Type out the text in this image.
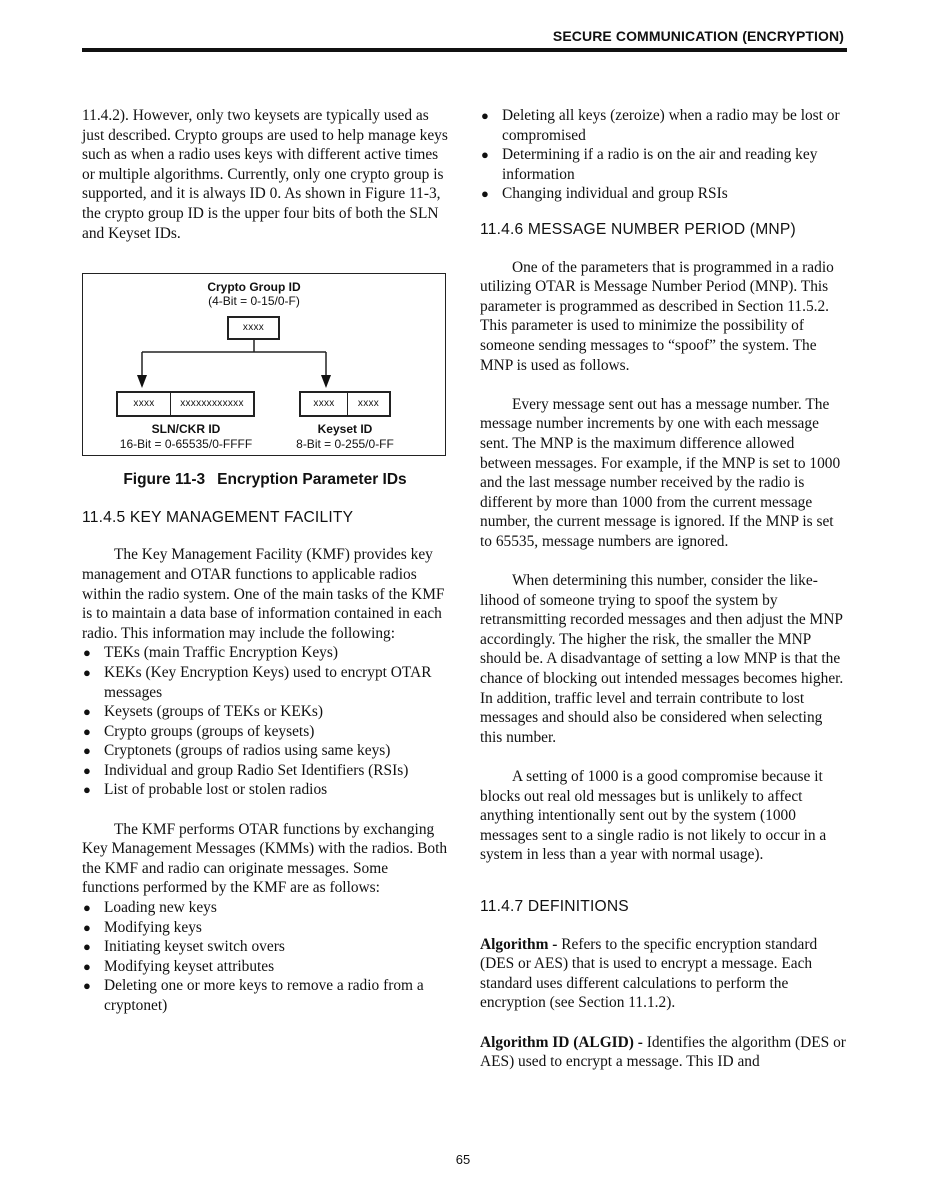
SECURE COMMUNICATION (ENCRYPTION)

11.4.2). However, only two keysets are typically used as just described. Crypto groups are used to help manage keys such as when a radio uses keys with different active times or multiple algorithms. Currently, only one crypto group is supported, and it is always ID 0. As shown in Figure 11-3, the crypto group ID is the upper four bits of both the SLN and Keyset IDs.

Crypto Group ID
(4-Bit = 0-15/0-F)
xxxx
xxxx	xxxxxxxxxxxx
SLN/CKR ID
16-Bit = 0-65535/0-FFFF
xxxx	xxxx
Keyset ID
8-Bit = 0-255/0-FF
Figure 11-3 Encryption Parameter IDs
11.4.5 KEY MANAGEMENT FACILITY

The Key Management Facility (KMF) provides key management and OTAR functions to applicable radios within the radio system. One of the main tasks of the KMF is to maintain a data base of information contained in each radio. This information may include the following:

● TEKs (main Traffic Encryption Keys)
● KEKs (Key Encryption Keys) used to encrypt OTAR messages
● Keysets (groups of TEKs or KEKs)
● Crypto groups (groups of keysets)
● Cryptonets (groups of radios using same keys)
● Individual and group Radio Set Identifiers (RSIs)
● List of probable lost or stolen radios

The KMF performs OTAR functions by exchanging Key Management Messages (KMMs) with the radios. Both the KMF and radio can originate messages. Some functions performed by the KMF are as follows:

● Loading new keys
● Modifying keys
● Initiating keyset switch overs
● Modifying keyset attributes
● Deleting one or more keys to remove a radio from a cryptonet)
● Deleting all keys (zeroize) when a radio may be lost or compromised
● Determining if a radio is on the air and reading key information
● Changing individual and group RSIs
11.4.6 MESSAGE NUMBER PERIOD (MNP)

One of the parameters that is programmed in a radio utilizing OTAR is Message Number Period (MNP). This parameter is programmed as described in Section 11.5.2. This parameter is used to minimize the possibility of someone sending messages to “spoof” the system. The MNP is used as follows.

Every message sent out has a message number. The message number increments by one with each message sent. The MNP is the maximum difference allowed between messages. For example, if the MNP is set to 1000 and the last message number received by the radio is different by more than 1000 from the current message number, the current message is ignored. If the MNP is set to 65535, message numbers are ignored.

When determining this number, consider the likelihood of someone trying to spoof the system by retransmitting recorded messages and then adjust the MNP accordingly. The higher the risk, the smaller the MNP should be. A disadvantage of setting a low MNP is that the chance of blocking out intended messages becomes higher. In addition, traffic level and terrain contribute to lost messages and should also be considered when selecting this number.

A setting of 1000 is a good compromise because it blocks out real old messages but is unlikely to affect anything intentionally sent out by the system (1000 messages sent to a single radio is not likely to occur in a system in less than a year with normal usage).

11.4.7 DEFINITIONS

Algorithm - Refers to the specific encryption standard (DES or AES) that is used to encrypt a message. Each standard uses different calculations to perform the encryption (see Section 11.1.2).

Algorithm ID (ALGID) - Identifies the algorithm (DES or AES) used to encrypt a message. This ID and

65
